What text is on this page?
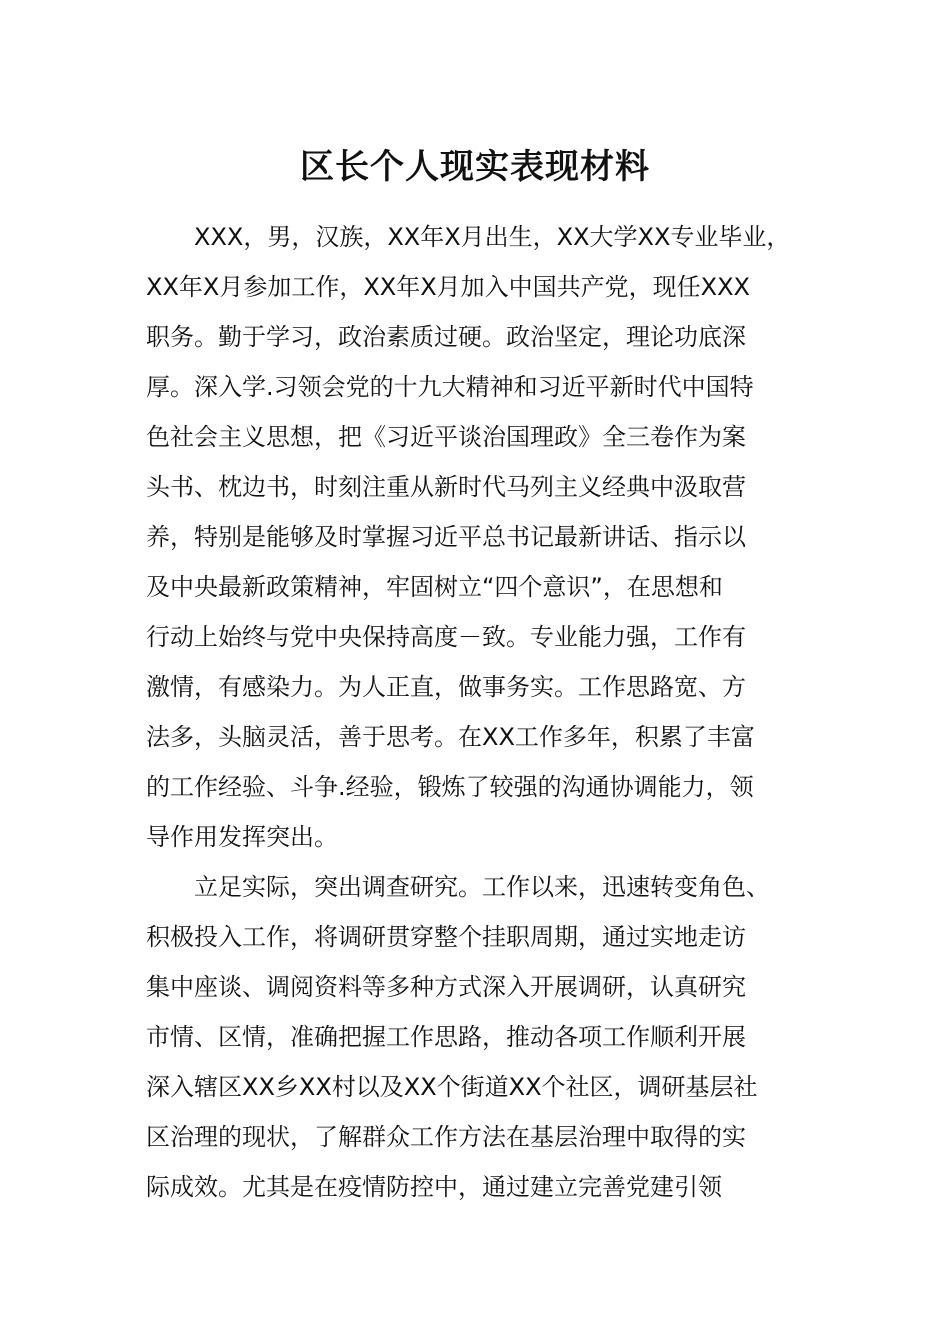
区长个人现实表现材料
XXX，男，汉族，XX年X月出生，XX大学XX专业毕业，
XX年X月参加工作，XX年X月加入中国共产党，现任XXX
职务。勤于学习，政治素质过硬。政治坚定，理论功底深
厚。深入学.习领会党的十九大精神和习近平新时代中国特
色社会主义思想，把《习近平谈治国理政》全三卷作为案
头书、枕边书，时刻注重从新时代马列主义经典中汲取营
养，特别是能够及时掌握习近平总书记最新讲话、指示以
及中央最新政策精神，牢固树立“四个意识”，在思想和
行动上始终与党中央保持高度－致。专业能力强，工作有
激情，有感染力。为人正直，做事务实。工作思路宽、方
法多，头脑灵活，善于思考。在XX工作多年，积累了丰富
的工作经验、斗争.经验，锻炼了较强的沟通协调能力，领
导作用发挥突出。
立足实际，突出调查研究。工作以来，迅速转变角色、
积极投入工作，将调研贯穿整个挂职周期，通过实地走访
集中座谈、调阅资料等多种方式深入开展调研，认真研究
市情、区情，准确把握工作思路，推动各项工作顺利开展
深入辖区XX乡XX村以及XX个街道XX个社区，调研基层社
区治理的现状，了解群众工作方法在基层治理中取得的实
际成效。尤其是在疫情防控中，通过建立完善党建引领
